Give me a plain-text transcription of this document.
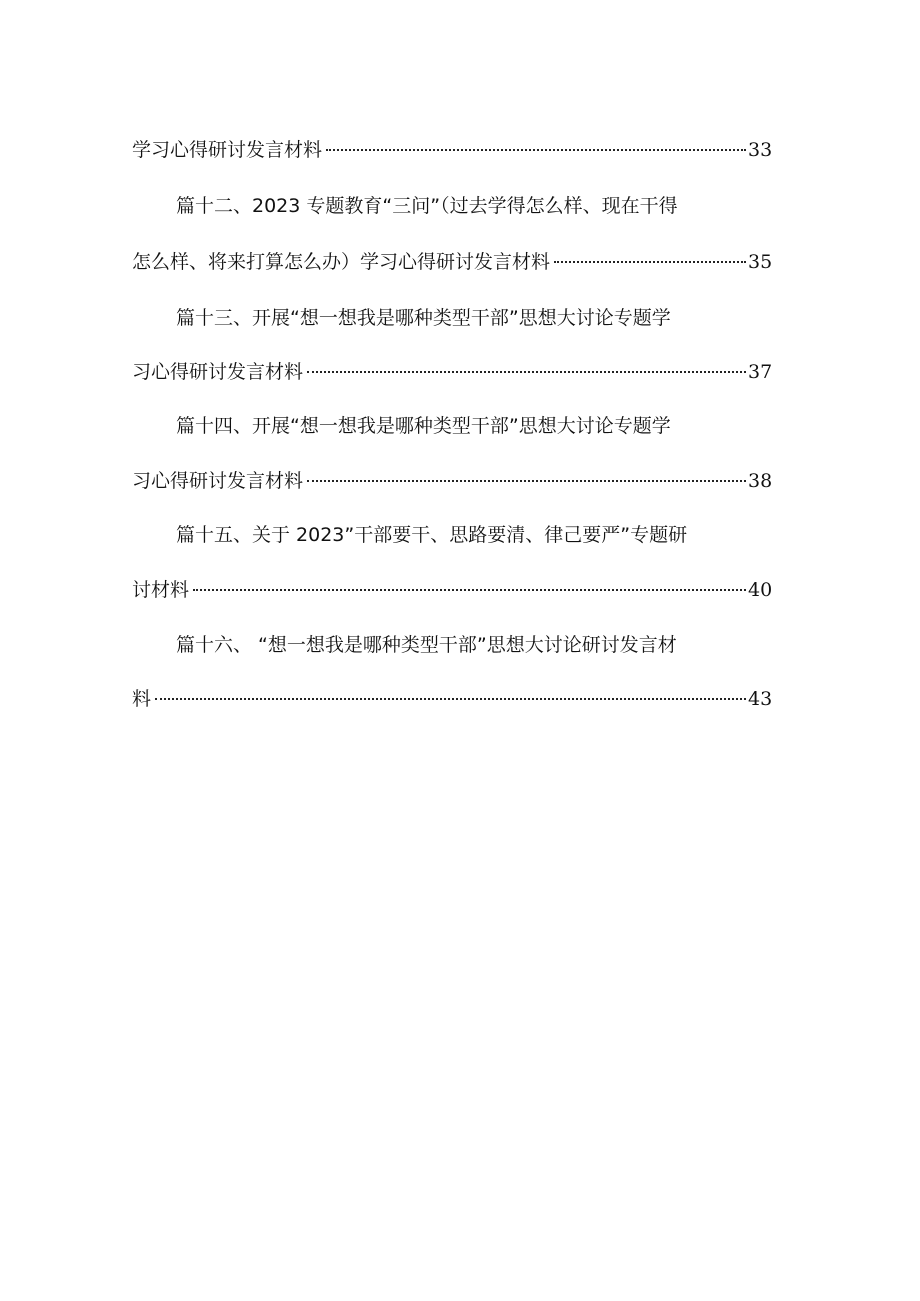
学习心得研讨发言材料	33
篇十二、2023 专题教育“三问”（过去学得怎么样、现在干得
怎么样、将来打算怎么办）学习心得研讨发言材料	35
篇十三、开展“想一想我是哪种类型干部”思想大讨论专题学
习心得研讨发言材料	37
篇十四、开展“想一想我是哪种类型干部”思想大讨论专题学
习心得研讨发言材料	38
篇十五、关于 2023”干部要干、思路要清、律己要严”专题研
讨材料	40
篇十六、 “想一想我是哪种类型干部”思想大讨论研讨发言材
料	43
